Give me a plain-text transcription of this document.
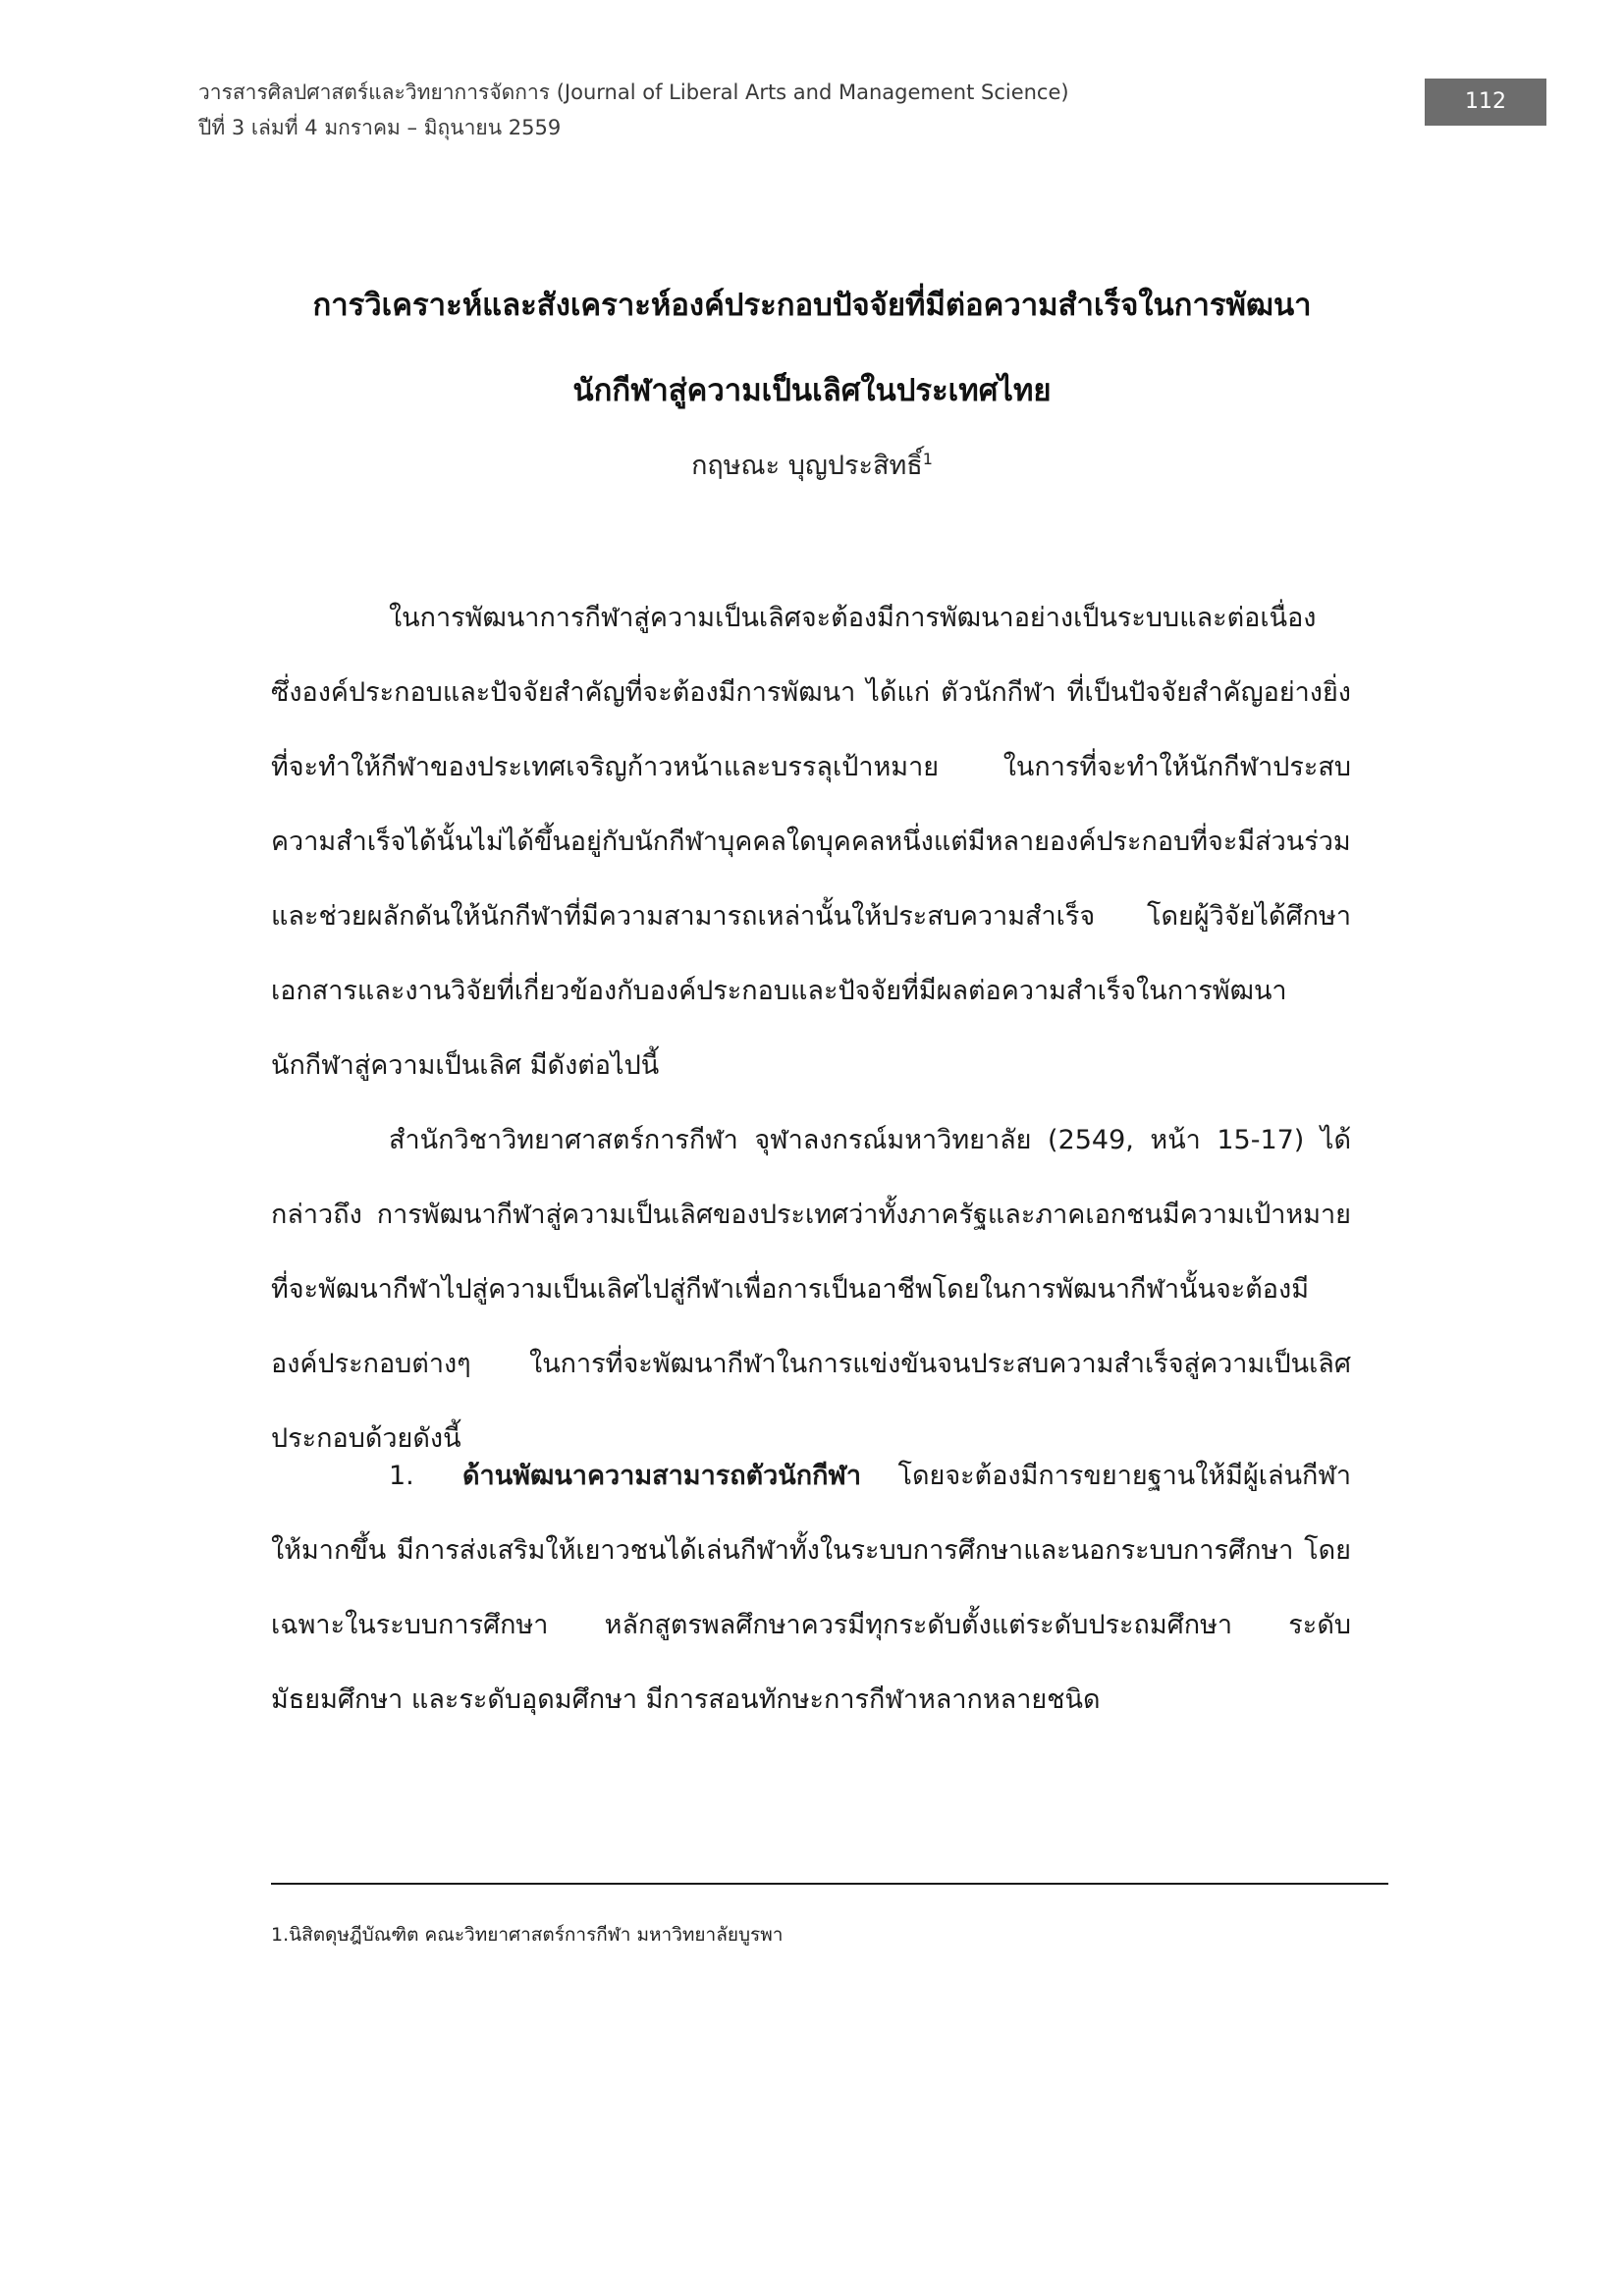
วารสารศิลปศาสตร์และวิทยาการจัดการ (Journal of Liberal Arts and Management Science)
ปีที่ 3 เล่มที่ 4 มกราคม – มิถุนายน 2559
112
การวิเคราะห์และสังเคราะห์องค์ประกอบปัจจัยที่มีต่อความสำเร็จในการพัฒนา
นักกีฬาสู่ความเป็นเลิศในประเทศไทย
กฤษณะ บุญประสิทธิ์$^1$

ในการพัฒนาการกีฬาสู่ความเป็นเลิศจะต้องมีการพัฒนาอย่างเป็นระบบและต่อเนื่อง ซึ่งองค์ประกอบและปัจจัยสำคัญที่จะต้องมีการพัฒนา ได้แก่ ตัวนักกีฬา ที่เป็นปัจจัยสำคัญอย่างยิ่งที่จะทำให้กีฬาของประเทศเจริญก้าวหน้าและบรรลุเป้าหมาย ในการที่จะทำให้นักกีฬาประสบความสำเร็จได้นั้นไม่ได้ขึ้นอยู่กับนักกีฬาบุคคลใดบุคคลหนึ่งแต่มีหลายองค์ประกอบที่จะมีส่วนร่วมและช่วยผลักดันให้นักกีฬาที่มีความสามารถเหล่านั้นให้ประสบความสำเร็จ โดยผู้วิจัยได้ศึกษาเอกสารและงานวิจัยที่เกี่ยวข้องกับองค์ประกอบและปัจจัยที่มีผลต่อความสำเร็จในการพัฒนานักกีฬาสู่ความเป็นเลิศ มีดังต่อไปนี้

สำนักวิชาวิทยาศาสตร์การกีฬา จุฬาลงกรณ์มหาวิทยาลัย (2549, หน้า 15-17) ได้กล่าวถึง การพัฒนากีฬาสู่ความเป็นเลิศของประเทศว่าทั้งภาครัฐและภาคเอกชนมีความเป้าหมายที่จะพัฒนากีฬาไปสู่ความเป็นเลิศไปสู่กีฬาเพื่อการเป็นอาชีพโดยในการพัฒนากีฬานั้นจะต้องมีองค์ประกอบต่างๆ ในการที่จะพัฒนากีฬาในการแข่งขันจนประสบความสำเร็จสู่ความเป็นเลิศประกอบด้วยดังนี้

1. ด้านพัฒนาความสามารถตัวนักกีฬา โดยจะต้องมีการขยายฐานให้มีผู้เล่นกีฬาให้มากขึ้น มีการส่งเสริมให้เยาวชนได้เล่นกีฬาทั้งในระบบการศึกษาและนอกระบบการศึกษา โดยเฉพาะในระบบการศึกษา หลักสูตรพลศึกษาควรมีทุกระดับตั้งแต่ระดับประถมศึกษา ระดับมัธยมศึกษา และระดับอุดมศึกษา มีการสอนทักษะการกีฬาหลากหลายชนิด

1.นิสิตดุษฎีบัณฑิต คณะวิทยาศาสตร์การกีฬา มหาวิทยาลัยบูรพา
